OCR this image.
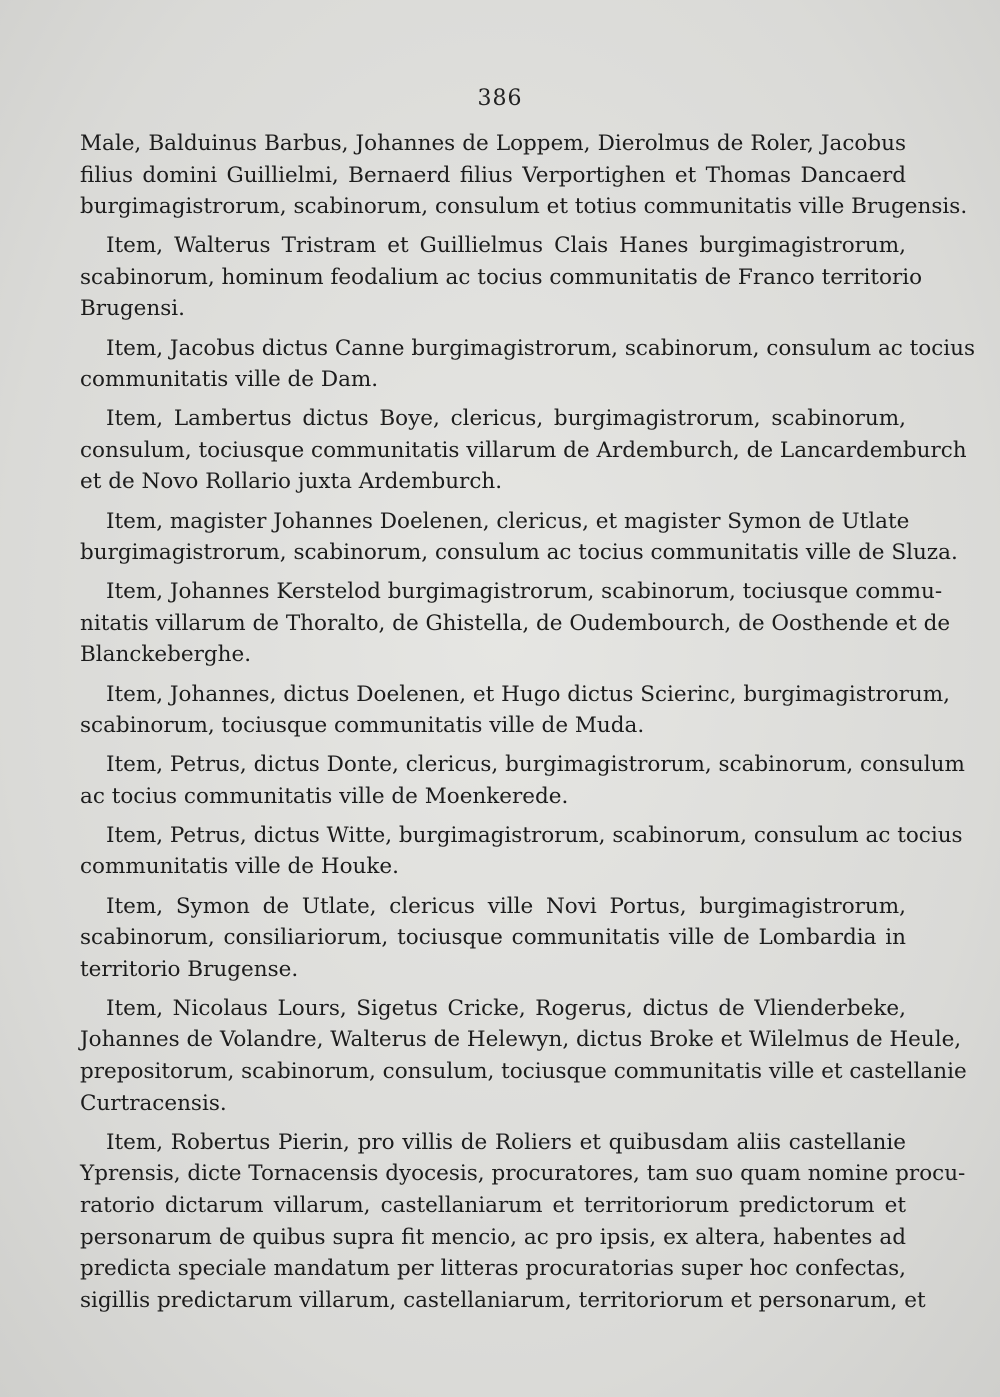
386

Male, Balduinus Barbus, Johannes de Loppem, Dierolmus de Roler, Jacobus
filius domini Guillielmi, Bernaerd filius Verportighen et Thomas Dancaerd
burgimagistrorum, scabinorum, consulum et totius communitatis ville Brugensis.

Item, Walterus Tristram et Guillielmus Clais Hanes burgimagistrorum,
scabinorum, hominum feodalium ac tocius communitatis de Franco territorio
Brugensi.

Item, Jacobus dictus Canne burgimagistrorum, scabinorum, consulum ac tocius
communitatis ville de Dam.

Item, Lambertus dictus Boye, clericus, burgimagistrorum, scabinorum,
consulum, tociusque communitatis villarum de Ardemburch, de Lancardemburch
et de Novo Rollario juxta Ardemburch.

Item, magister Johannes Doelenen, clericus, et magister Symon de Utlate
burgimagistrorum, scabinorum, consulum ac tocius communitatis ville de Sluza.

Item, Johannes Kerstelod burgimagistrorum, scabinorum, tociusque commu-
nitatis villarum de Thoralto, de Ghistella, de Oudembourch, de Oosthende et de
Blanckeberghe.

Item, Johannes, dictus Doelenen, et Hugo dictus Scierinc, burgimagistrorum,
scabinorum, tociusque communitatis ville de Muda.

Item, Petrus, dictus Donte, clericus, burgimagistrorum, scabinorum, consulum
ac tocius communitatis ville de Moenkerede.

Item, Petrus, dictus Witte, burgimagistrorum, scabinorum, consulum ac tocius
communitatis ville de Houke.

Item, Symon de Utlate, clericus ville Novi Portus, burgimagistrorum,
scabinorum, consiliariorum, tociusque communitatis ville de Lombardia in
territorio Brugense.

Item, Nicolaus Lours, Sigetus Cricke, Rogerus, dictus de Vlienderbeke,
Johannes de Volandre, Walterus de Helewyn, dictus Broke et Wilelmus de Heule,
prepositorum, scabinorum, consulum, tociusque communitatis ville et castellanie
Curtracensis.

Item, Robertus Pierin, pro villis de Roliers et quibusdam aliis castellanie
Yprensis, dicte Tornacensis dyocesis, procuratores, tam suo quam nomine procu-
ratorio dictarum villarum, castellaniarum et territoriorum predictorum et
personarum de quibus supra fit mencio, ac pro ipsis, ex altera, habentes ad
predicta speciale mandatum per litteras procuratorias super hoc confectas,
sigillis predictarum villarum, castellaniarum, territoriorum et personarum, et
